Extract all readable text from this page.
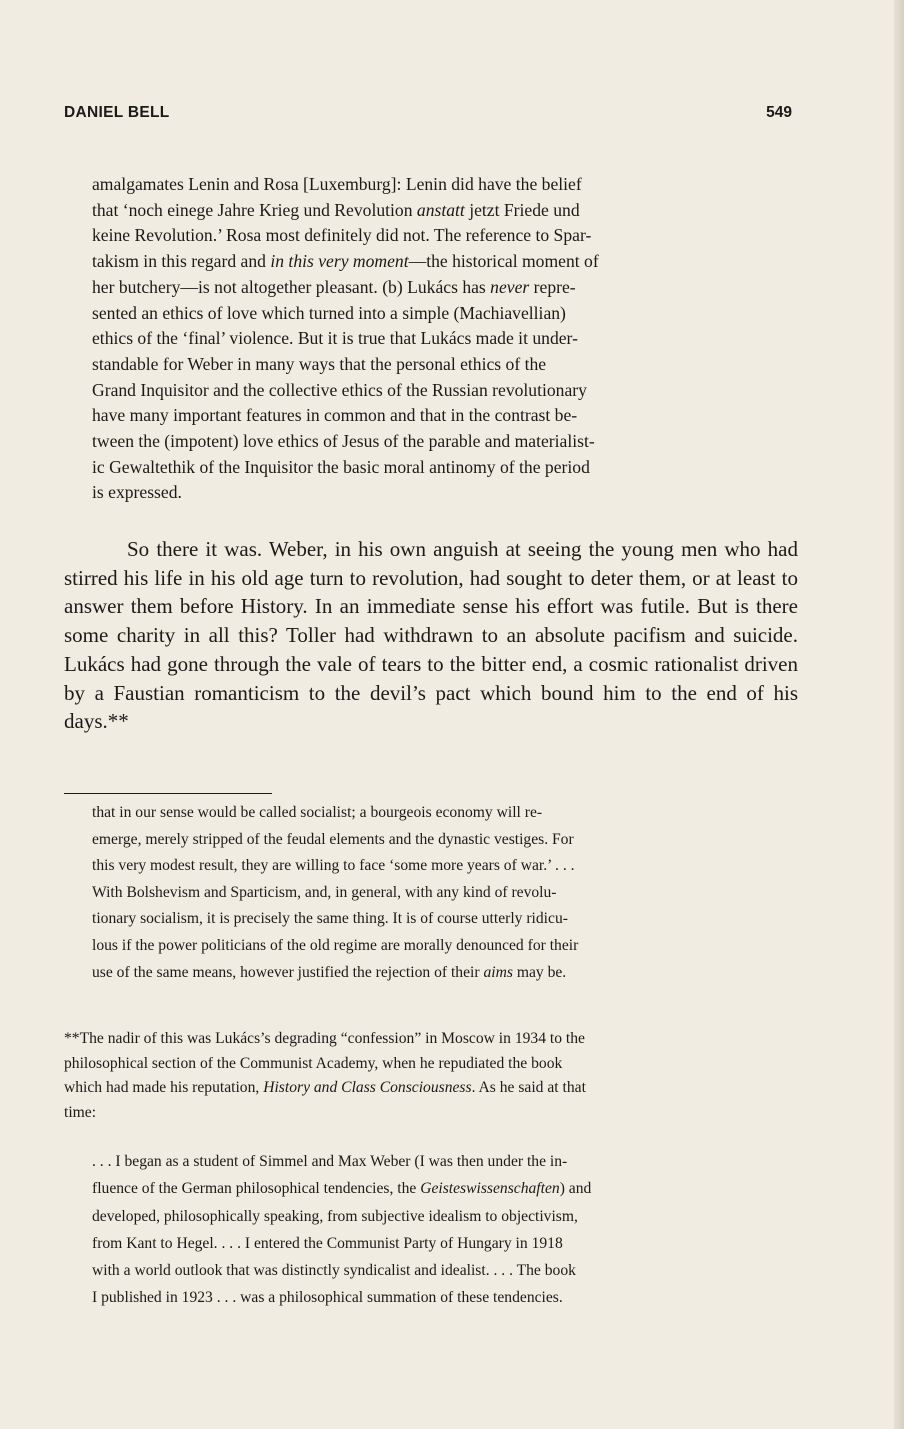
DANIEL BELL	549

amalgamates Lenin and Rosa [Luxemburg]: Lenin did have the belief
that ‘noch einege Jahre Krieg und Revolution anstatt jetzt Friede und
keine Revolution.’ Rosa most definitely did not. The reference to Spar-
takism in this regard and in this very moment—the historical moment of
her butchery—is not altogether pleasant. (b) Lukács has never repre-
sented an ethics of love which turned into a simple (Machiavellian)
ethics of the ‘final’ violence. But it is true that Lukács made it under-
standable for Weber in many ways that the personal ethics of the
Grand Inquisitor and the collective ethics of the Russian revolutionary
have many important features in common and that in the contrast be-
tween the (impotent) love ethics of Jesus of the parable and materialist-
ic Gewaltethik of the Inquisitor the basic moral antinomy of the period
is expressed.

So there it was. Weber, in his own anguish at seeing the young men who had stirred his life in his old age turn to revolution, had sought to deter them, or at least to answer them before History. In an immediate sense his effort was futile. But is there some charity in all this? Toller had withdrawn to an absolute pacifism and suicide. Lukács had gone through the vale of tears to the bitter end, a cosmic rationalist driven by a Faustian romanticism to the devil’s pact which bound him to the end of his days.**

that in our sense would be called socialist; a bourgeois economy will re-
emerge, merely stripped of the feudal elements and the dynastic vestiges. For
this very modest result, they are willing to face ‘some more years of war.’ . . .
With Bolshevism and Sparticism, and, in general, with any kind of revolu-
tionary socialism, it is precisely the same thing. It is of course utterly ridicu-
lous if the power politicians of the old regime are morally denounced for their
use of the same means, however justified the rejection of their aims may be.

**The nadir of this was Lukács’s degrading “confession” in Moscow in 1934 to the
philosophical section of the Communist Academy, when he repudiated the book
which had made his reputation, History and Class Consciousness. As he said at that
time:

. . . I began as a student of Simmel and Max Weber (I was then under the in-
fluence of the German philosophical tendencies, the Geisteswissenschaften) and
developed, philosophically speaking, from subjective idealism to objectivism,
from Kant to Hegel. . . . I entered the Communist Party of Hungary in 1918
with a world outlook that was distinctly syndicalist and idealist. . . . The book
I published in 1923 . . . was a philosophical summation of these tendencies.
